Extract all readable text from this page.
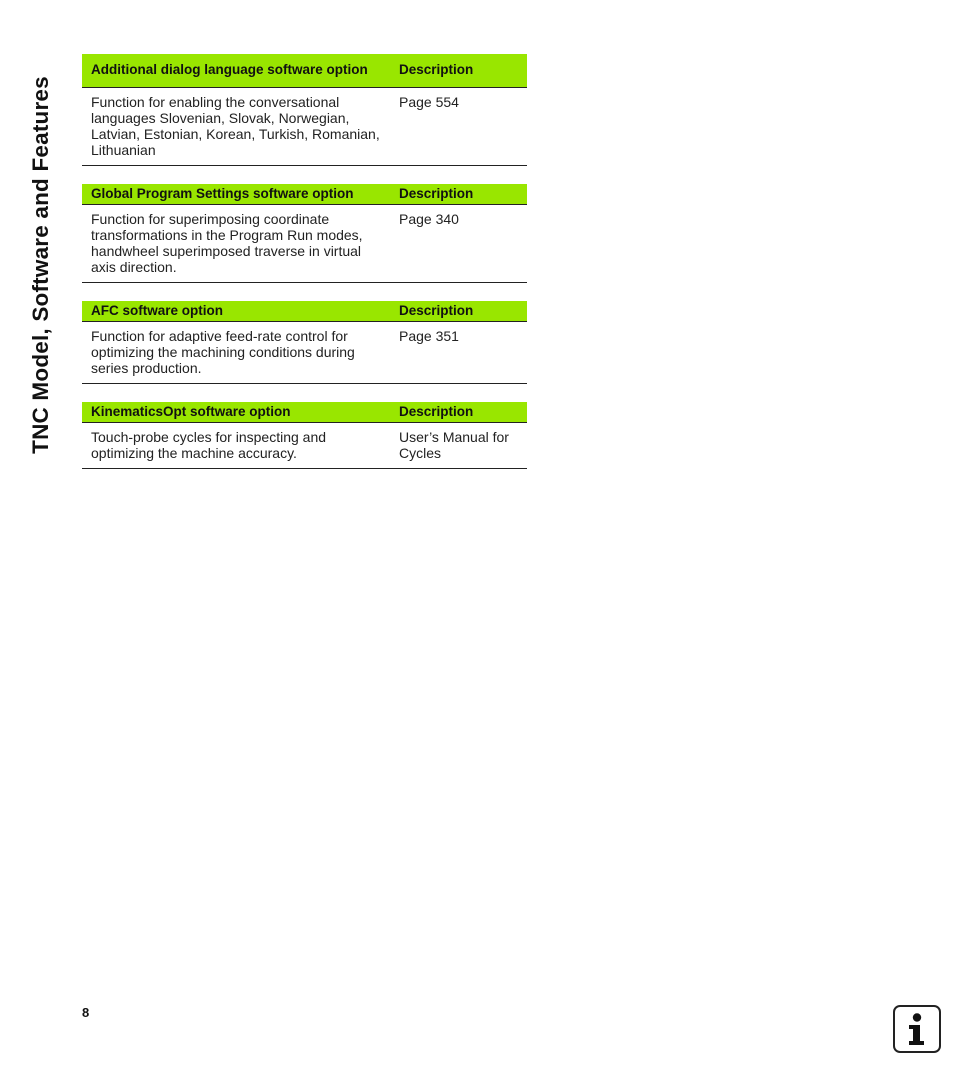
TNC Model, Software and Features
Additional dialog language software option	Description
Function for enabling the conversational languages Slovenian, Slovak, Norwegian, Latvian, Estonian, Korean, Turkish, Romanian, Lithuanian	Page 554
Global Program Settings software option	Description
Function for superimposing coordinate transformations in the Program Run modes, handwheel superimposed traverse in virtual axis direction.	Page 340
AFC software option	Description
Function for adaptive feed-rate control for optimizing the machining conditions during series production.	Page 351
KinematicsOpt software option	Description
Touch-probe cycles for inspecting and optimizing the machine accuracy.	User’s Manual for Cycles
8
